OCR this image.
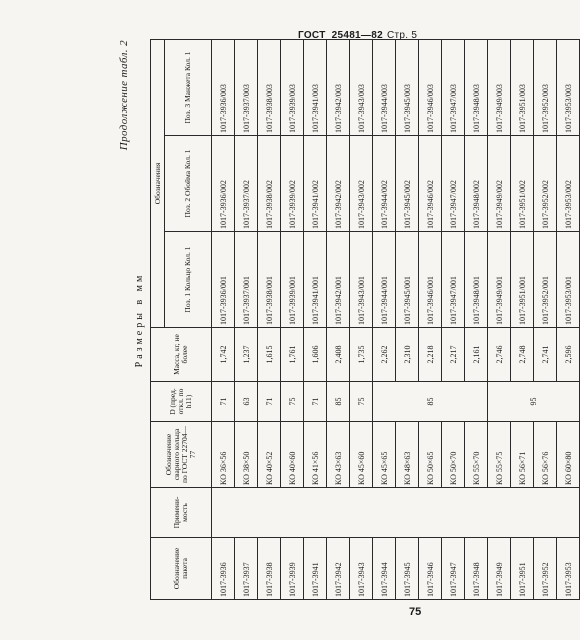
ГОСТ 25481—82 Стр. 5
Продолжение табл. 2
Размеры в мм
Обозначение пакета	Примени-мость	Обозначение сварного кольца по ГОСТ 22704—77	D (пред. откл. по h11)	Масса, кг, не более	Обозначения		
					Поз. 1 Кольцо Кол. 1	Поз. 2 Обойма Кол. 1	Поз. 3 Манжета Кол. 1
1017-3936		КО 36×56	71	1,742	1017-3936/001	1017-3936/002	1017-3936/003
1017-3937		КО 38×50	63	1,237	1017-3937/001	1017-3937/002	1017-3937/003
1017-3938		КО 40×52	71	1,615	1017-3938/001	1017-3938/002	1017-3938/003
1017-3939		КО 40×60	75	1,761	1017-3939/001	1017-3939/002	1017-3939/003
1017-3941		КО 41×56	71	1,606	1017-3941/001	1017-3941/002	1017-3941/003
1017-3942		КО 43×63	85	2,408	1017-3942/001	1017-3942/002	1017-3942/003
1017-3943		КО 45×60	75	1,735	1017-3943/001	1017-3943/002	1017-3943/003
1017-3944		КО 45×65	85	2,262	1017-3944/001	1017-3944/002	1017-3944/003
1017-3945		КО 48×63		2,310	1017-3945/001	1017-3945/002	1017-3945/003
1017-3946		КО 50×65		2,218	1017-3946/001	1017-3946/002	1017-3946/003
1017-3947		КО 50×70		2,217	1017-3947/001	1017-3947/002	1017-3947/003
1017-3948		КО 55×70		2,161	1017-3948/001	1017-3948/002	1017-3948/003
1017-3949		КО 55×75	95	2,746	1017-3949/001	1017-3949/002	1017-3949/003
1017-3951		КО 56×71		2,748	1017-3951/001	1017-3951/002	1017-3951/003
1017-3952		КО 56×76		2,741	1017-3952/001	1017-3952/002	1017-3952/003
1017-3953		КО 60×80		2,596	1017-3953/001	1017-3953/002	1017-3953/003
75
